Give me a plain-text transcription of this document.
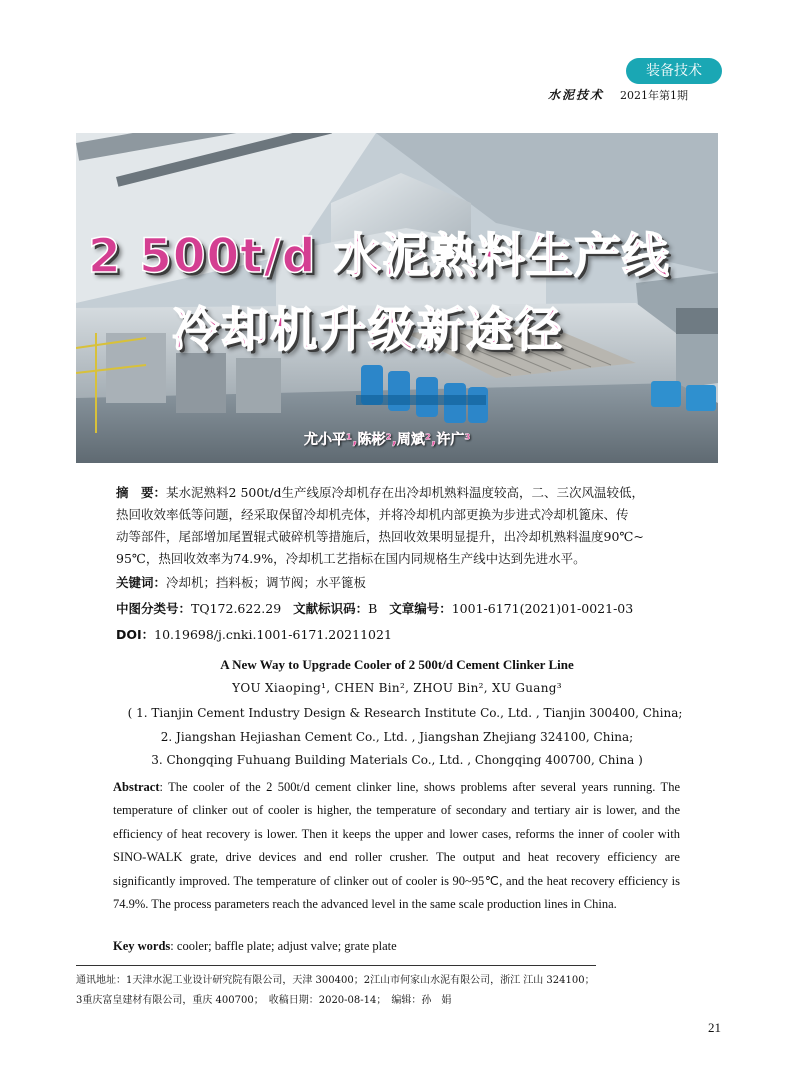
装备技术
水泥技术 2021年第1期
2 500t/d 水泥熟料生产线
冷却机升级新途径
尤小平¹,陈彬²,周斌²,许广³
摘　要：某水泥熟料2 500t/d生产线原冷却机存在出冷却机熟料温度较高，二、三次风温较低，
热回收效率低等问题，经采取保留冷却机壳体，并将冷却机内部更换为步进式冷却机篦床、传
动等部件，尾部增加尾置辊式破碎机等措施后，热回收效果明显提升，出冷却机熟料温度90℃~
95℃，热回收效率为74.9%，冷却机工艺指标在国内同规格生产线中达到先进水平。
关键词：冷却机；挡料板；调节阀；水平篦板
中图分类号：TQ172.622.29 文献标识码：B 文章编号：1001-6171(2021)01-0021-03
DOI：10.19698/j.cnki.1001-6171.20211021
A New Way to Upgrade Cooler of 2 500t/d Cement Clinker Line
YOU Xiaoping¹, CHEN Bin², ZHOU Bin², XU Guang³
( 1. Tianjin Cement Industry Design & Research Institute Co., Ltd. , Tianjin 300400, China;
2. Jiangshan Hejiashan Cement Co., Ltd. , Jiangshan Zhejiang 324100, China;
3. Chongqing Fuhuang Building Materials Co., Ltd. , Chongqing 400700, China )
Abstract: The cooler of the 2 500t/d cement clinker line, shows problems after several years running. The temperature of clinker out of cooler is higher, the temperature of secondary and tertiary air is lower, and the efficiency of heat recovery is lower. Then it keeps the upper and lower cases, reforms the inner of cooler with SINO-WALK grate, drive devices and end roller crusher. The output and heat recovery efficiency are significantly improved. The temperature of clinker out of cooler is 90~95℃, and the heat recovery efficiency is 74.9%. The process parameters reach the advanced level in the same scale production lines in China.
Key words: cooler; baffle plate; adjust valve; grate plate
通讯地址：1天津水泥工业设计研究院有限公司，天津 300400；2江山市何家山水泥有限公司，浙江 江山 324100；
3重庆富皇建材有限公司，重庆 400700；　收稿日期：2020-08-14；　编辑：孙　娟
21
